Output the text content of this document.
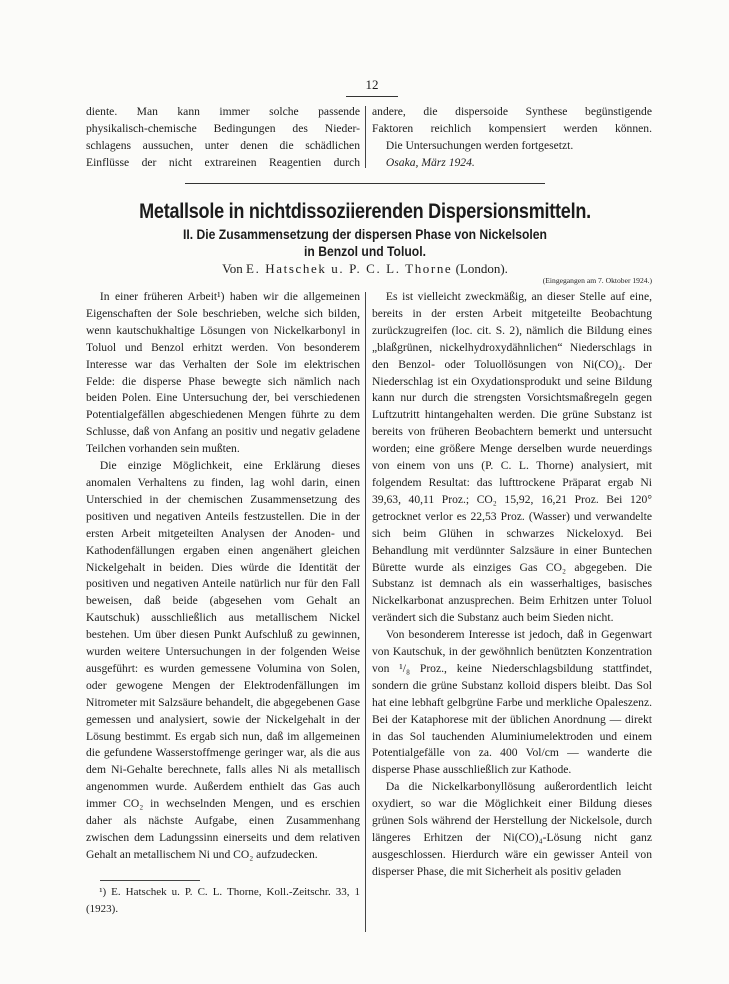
12
diente. Man kann immer solche passende
physikalisch-chemische Bedingungen des Nieder-
schlagens aussuchen, unter denen die schädlichen
Einflüsse der nicht extrareinen Reagentien durch
andere, die dispersoide Synthese begünstigende
Faktoren reichlich kompensiert werden können.
Die Untersuchungen werden fortgesetzt.
Osaka, März 1924.
Metallsole in nichtdissoziierenden Dispersionsmitteln.
II. Die Zusammensetzung der dispersen Phase von Nickelsolen
in Benzol und Toluol.
Von E. Hatschek u. P. C. L. Thorne (London).
(Eingegangen am 7. Oktober 1924.)

In einer früheren Arbeit¹) haben wir die allgemeinen Eigenschaften der Sole beschrieben, welche sich bilden, wenn kautschukhaltige Lösungen von Nickelkarbonyl in Toluol und Benzol erhitzt werden. Von besonderem Interesse war das Verhalten der Sole im elektrischen Felde: die disperse Phase bewegte sich nämlich nach beiden Polen. Eine Untersuchung der, bei verschiedenen Potentialgefällen abgeschiedenen Mengen führte zu dem Schlusse, daß von Anfang an positiv und negativ geladene Teilchen vorhanden sein mußten.

Die einzige Möglichkeit, eine Erklärung dieses anomalen Verhaltens zu finden, lag wohl darin, einen Unterschied in der chemischen Zusammensetzung des positiven und negativen Anteils festzustellen. Die in der ersten Arbeit mitgeteilten Analysen der Anoden- und Kathodenfällungen ergaben einen angenähert gleichen Nickelgehalt in beiden. Dies würde die Identität der positiven und negativen Anteile natürlich nur für den Fall beweisen, daß beide (abgesehen vom Gehalt an Kautschuk) ausschließlich aus metallischem Nickel bestehen. Um über diesen Punkt Aufschluß zu gewinnen, wurden weitere Untersuchungen in der folgenden Weise ausgeführt: es wurden gemessene Volumina von Solen, oder gewogene Mengen der Elektrodenfällungen im Nitrometer mit Salzsäure behandelt, die abgegebenen Gase gemessen und analysiert, sowie der Nickelgehalt in der Lösung bestimmt. Es ergab sich nun, daß im allgemeinen die gefundene Wasserstoffmenge geringer war, als die aus dem Ni-Gehalte berechnete, falls alles Ni als metallisch angenommen wurde. Außerdem enthielt das Gas auch immer CO₂ in wechselnden Mengen, und es erschien daher als nächste Aufgabe, einen Zusammenhang zwischen dem Ladungssinn einerseits und dem relativen Gehalt an metallischem Ni und CO₂ aufzudecken.

Es ist vielleicht zweckmäßig, an dieser Stelle auf eine, bereits in der ersten Arbeit mitgeteilte Beobachtung zurückzugreifen (loc. cit. S. 2), nämlich die Bildung eines „blaßgrünen, nickelhydroxydähnlichen“ Niederschlags in den Benzol- oder Toluollösungen von Ni(CO)₄. Der Niederschlag ist ein Oxydationsprodukt und seine Bildung kann nur durch die strengsten Vorsichtsmaßregeln gegen Luftzutritt hintangehalten werden. Die grüne Substanz ist bereits von früheren Beobachtern bemerkt und untersucht worden; eine größere Menge derselben wurde neuerdings von einem von uns (P. C. L. Thorne) analysiert, mit folgendem Resultat: das lufttrockene Präparat ergab Ni 39,63, 40,11 Proz.; CO₂ 15,92, 16,21 Proz. Bei 120° getrocknet verlor es 22,53 Proz. (Wasser) und verwandelte sich beim Glühen in schwarzes Nickeloxyd. Bei Behandlung mit verdünnter Salzsäure in einer Buntechen Bürette wurde als einziges Gas CO₂ abgegeben. Die Substanz ist demnach als ein wasserhaltiges, basisches Nickelkarbonat anzusprechen. Beim Erhitzen unter Toluol verändert sich die Substanz auch beim Sieden nicht.

Von besonderem Interesse ist jedoch, daß in Gegenwart von Kautschuk, in der gewöhnlich benützten Konzentration von ¹/₈ Proz., keine Niederschlagsbildung stattfindet, sondern die grüne Substanz kolloid dispers bleibt. Das Sol hat eine lebhaft gelbgrüne Farbe und merkliche Opaleszenz. Bei der Kataphorese mit der üblichen Anordnung — direkt in das Sol tauchenden Aluminiumelektroden und einem Potentialgefälle von za. 400 Vol/cm — wanderte die disperse Phase ausschließlich zur Kathode.

Da die Nickelkarbonyllösung außerordentlich leicht oxydiert, so war die Möglichkeit einer Bildung dieses grünen Sols während der Herstellung der Nickelsole, durch längeres Erhitzen der Ni(CO)₄-Lösung nicht ganz ausgeschlossen. Hierdurch wäre ein gewisser Anteil von disperser Phase, die mit Sicherheit als positiv geladen

¹) E. Hatschek u. P. C. L. Thorne, Koll.-Zeitschr. 33, 1 (1923).
